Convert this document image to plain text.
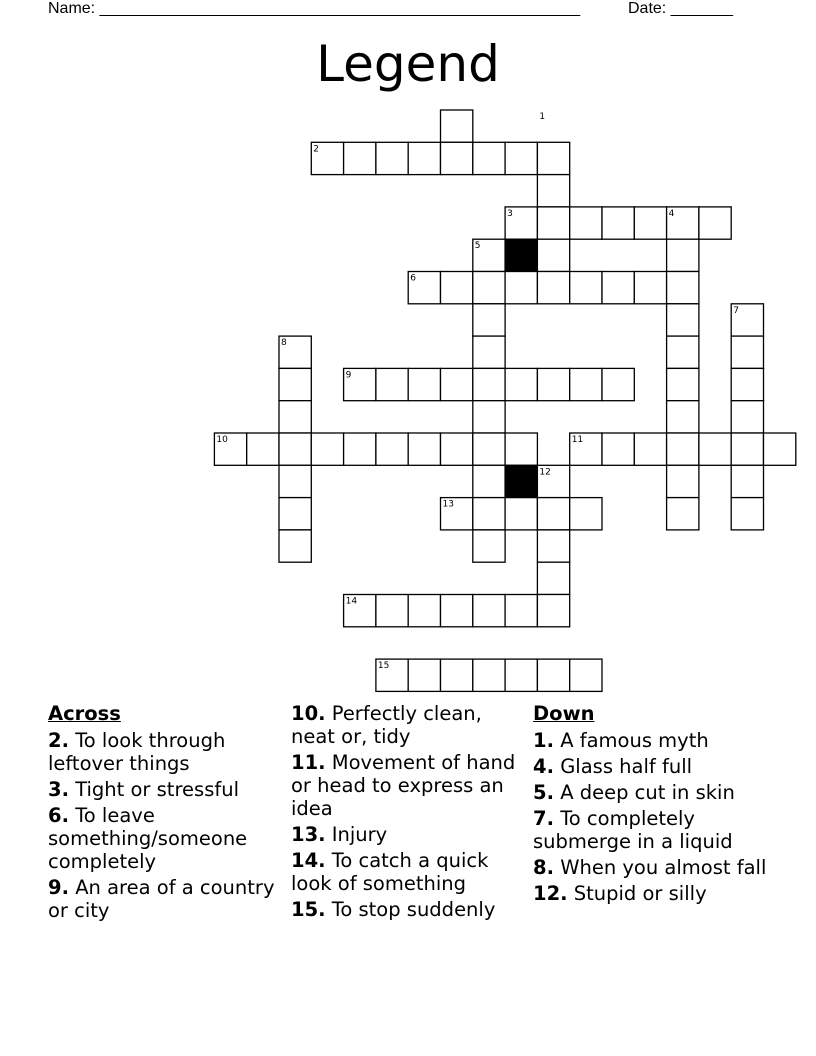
Name: ______________________________________________________	Date: _______
Legend
1
2
3	4
5
6
7
8
9
10	11
12
13
14
15
Across
2. To look through leftover things
3. Tight or stressful
6. To leave something/someone completely
9. An area of a country or city
10. Perfectly clean, neat or, tidy
11. Movement of hand or head to express an idea
13. Injury
14. To catch a quick look of something
15. To stop suddenly
Down
1. A famous myth
4. Glass half full
5. A deep cut in skin
7. To completely submerge in a liquid
8. When you almost fall
12. Stupid or silly
